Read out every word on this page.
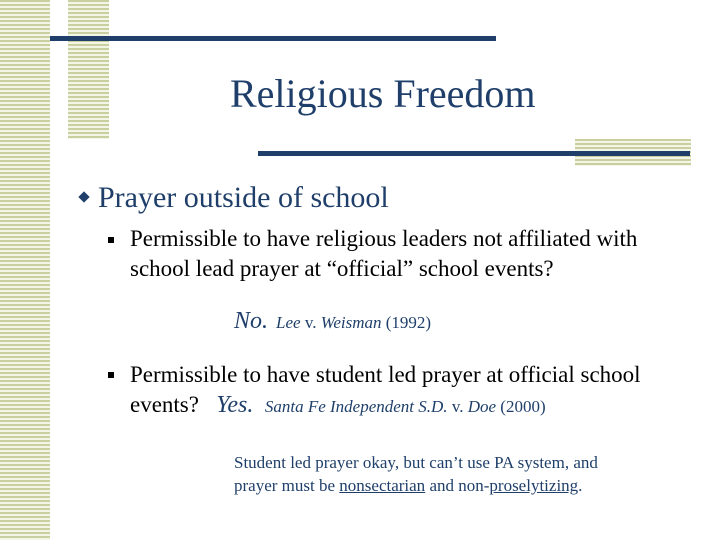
Religious Freedom
Prayer outside of school
Permissible to have religious leaders not affiliated with
school lead prayer at “official” school events?
No. Lee v. Weisman (1992)
Permissible to have student led prayer at official school
events? Yes. Santa Fe Independent S.D. v. Doe (2000)
Student led prayer okay, but can’t use PA system, and
prayer must be nonsectarian and non-proselytizing.
